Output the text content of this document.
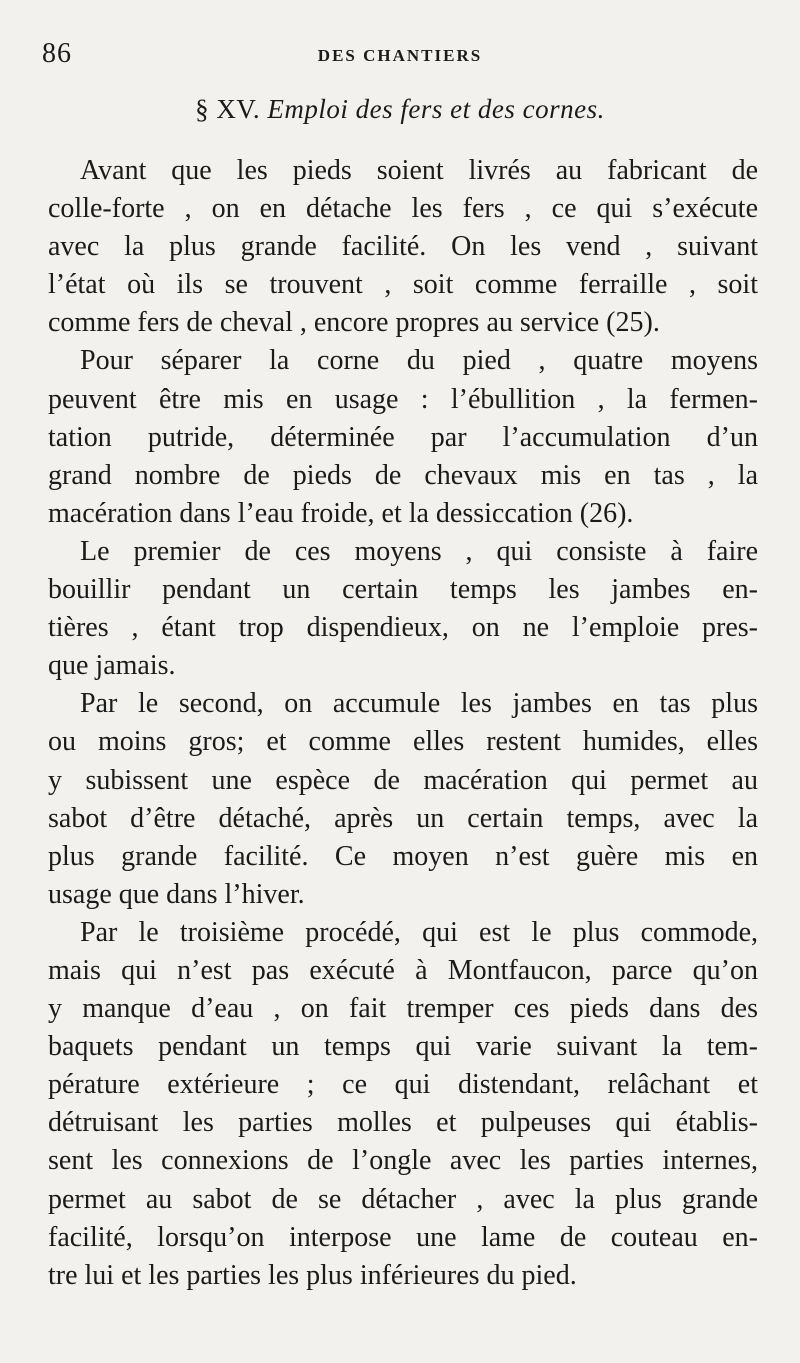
86	DES CHANTIERS
§ XV. Emploi des fers et des cornes.
Avant que les pieds soient livrés au fabricant de
colle-forte , on en détache les fers , ce qui s’exécute
avec la plus grande facilité. On les vend , suivant
l’état où ils se trouvent , soit comme ferraille , soit
comme fers de cheval , encore propres au service (25).
Pour séparer la corne du pied , quatre moyens
peuvent être mis en usage : l’ébullition , la fermen-
tation putride, déterminée par l’accumulation d’un
grand nombre de pieds de chevaux mis en tas , la
macération dans l’eau froide, et la dessiccation (26).
Le premier de ces moyens , qui consiste à faire
bouillir pendant un certain temps les jambes en-
tières , étant trop dispendieux, on ne l’emploie pres-
que jamais.
Par le second, on accumule les jambes en tas plus
ou moins gros; et comme elles restent humides, elles
y subissent une espèce de macération qui permet au
sabot d’être détaché, après un certain temps, avec la
plus grande facilité. Ce moyen n’est guère mis en
usage que dans l’hiver.
Par le troisième procédé, qui est le plus commode,
mais qui n’est pas exécuté à Montfaucon, parce qu’on
y manque d’eau , on fait tremper ces pieds dans des
baquets pendant un temps qui varie suivant la tem-
pérature extérieure ; ce qui distendant, relâchant et
détruisant les parties molles et pulpeuses qui établis-
sent les connexions de l’ongle avec les parties internes,
permet au sabot de se détacher , avec la plus grande
facilité, lorsqu’on interpose une lame de couteau en-
tre lui et les parties les plus inférieures du pied.
